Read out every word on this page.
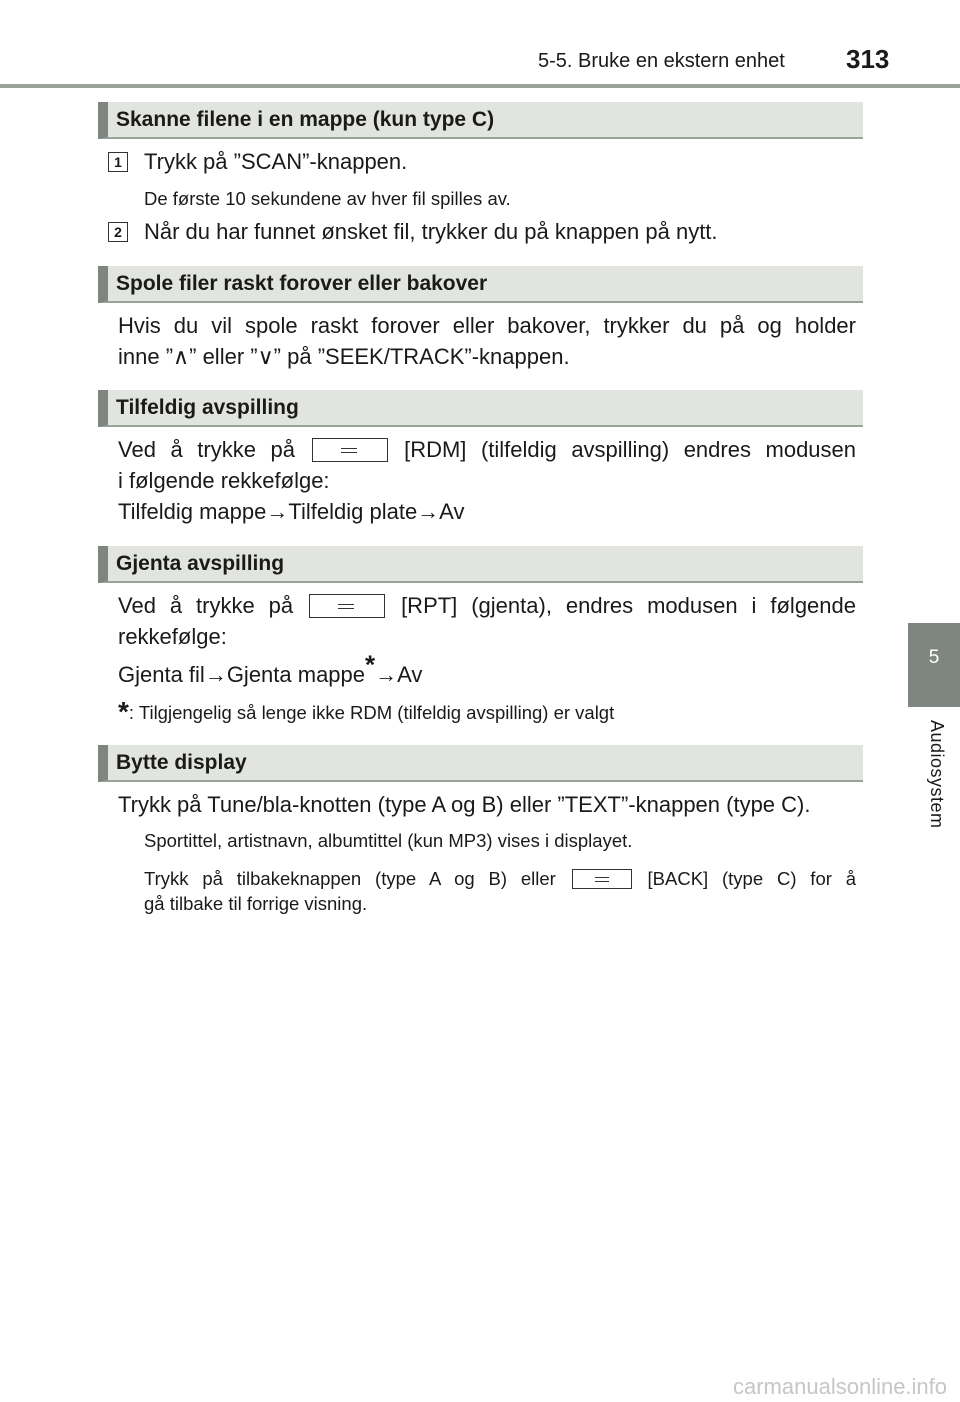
5-5. Bruke en ekstern enhet 313
5
Audiosystem
Skanne filene i en mappe (kun type C)
1 Trykk på ”SCAN”-knappen.
De første 10 sekundene av hver fil spilles av.
2 Når du har funnet ønsket fil, trykker du på knappen på nytt.
Spole filer raskt forover eller bakover
Hvis du vil spole raskt forover eller bakover, trykker du på og holder
inne ”∧” eller ”∨” på ”SEEK/TRACK”-knappen.
Tilfeldig avspilling
Ved å trykke på	[RDM] (tilfeldig avspilling) endres modusen
i følgende rekkefølge:
Tilfeldig mappe→Tilfeldig plate→Av
Gjenta avspilling
Ved å trykke på	[RPT] (gjenta), endres modusen i følgende
rekkefølge:
Gjenta fil→Gjenta mappe*→Av
*: Tilgjengelig så lenge ikke RDM (tilfeldig avspilling) er valgt
Bytte display
Trykk på Tune/bla-knotten (type A og B) eller ”TEXT”-knappen (type C).
Sportittel, artistnavn, albumtittel (kun MP3) vises i displayet.
Trykk på tilbakeknappen (type A og B) eller	[BACK] (type C) for å
gå tilbake til forrige visning.
carmanualsonline.info
